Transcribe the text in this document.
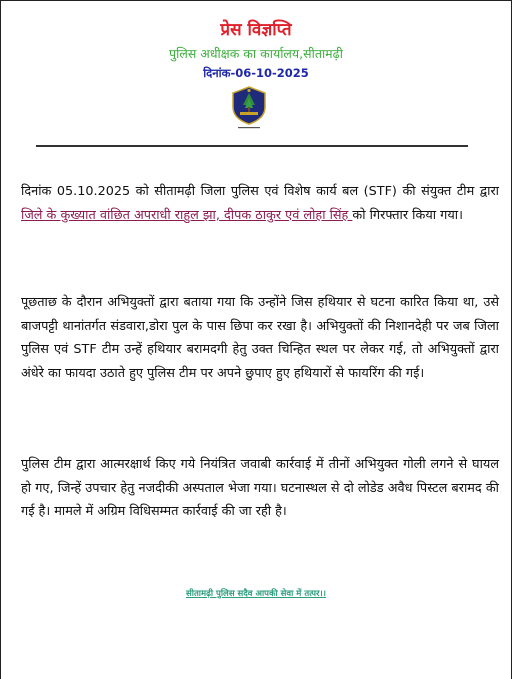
प्रेस विज्ञप्ति
पुलिस अधीक्षक का कार्यालय,सीतामढ़ी
दिनांक-06-10-2025

दिनांक 05.10.2025 को सीतामढ़ी जिला पुलिस एवं विशेष कार्य बल (STF) की संयुक्त टीम द्वारा जिले के कुख्यात वांछित अपराधी राहुल झा, दीपक ठाकुर एवं लोहा सिंह को गिरफ्तार किया गया।

पूछताछ के दौरान अभियुक्तों द्वारा बताया गया कि उन्होंने जिस हथियार से घटना कारित किया था, उसे बाजपट्टी थानांतर्गत संडवारा,डोरा पुल के पास छिपा कर रखा है। अभियुक्तों की निशानदेही पर जब जिला पुलिस एवं STF टीम उन्हें हथियार बरामदगी हेतु उक्त चिन्हित स्थल पर लेकर गई, तो अभियुक्तों द्वारा अंधेरे का फायदा उठाते हुए पुलिस टीम पर अपने छुपाए हुए हथियारों से फायरिंग की गई।

पुलिस टीम द्वारा आत्मरक्षार्थ किए गये नियंत्रित जवाबी कार्रवाई में तीनों अभियुक्त गोली लगने से घायल हो गए, जिन्हें उपचार हेतु नजदीकी अस्पताल भेजा गया। घटनास्थल से दो लोडेड अवैध पिस्टल बरामद की गई है। मामले में अग्रिम विधिसम्मत कार्रवाई की जा रही है।

सीतामढ़ी पुलिस सदैव आपकी सेवा में तत्पर।।
